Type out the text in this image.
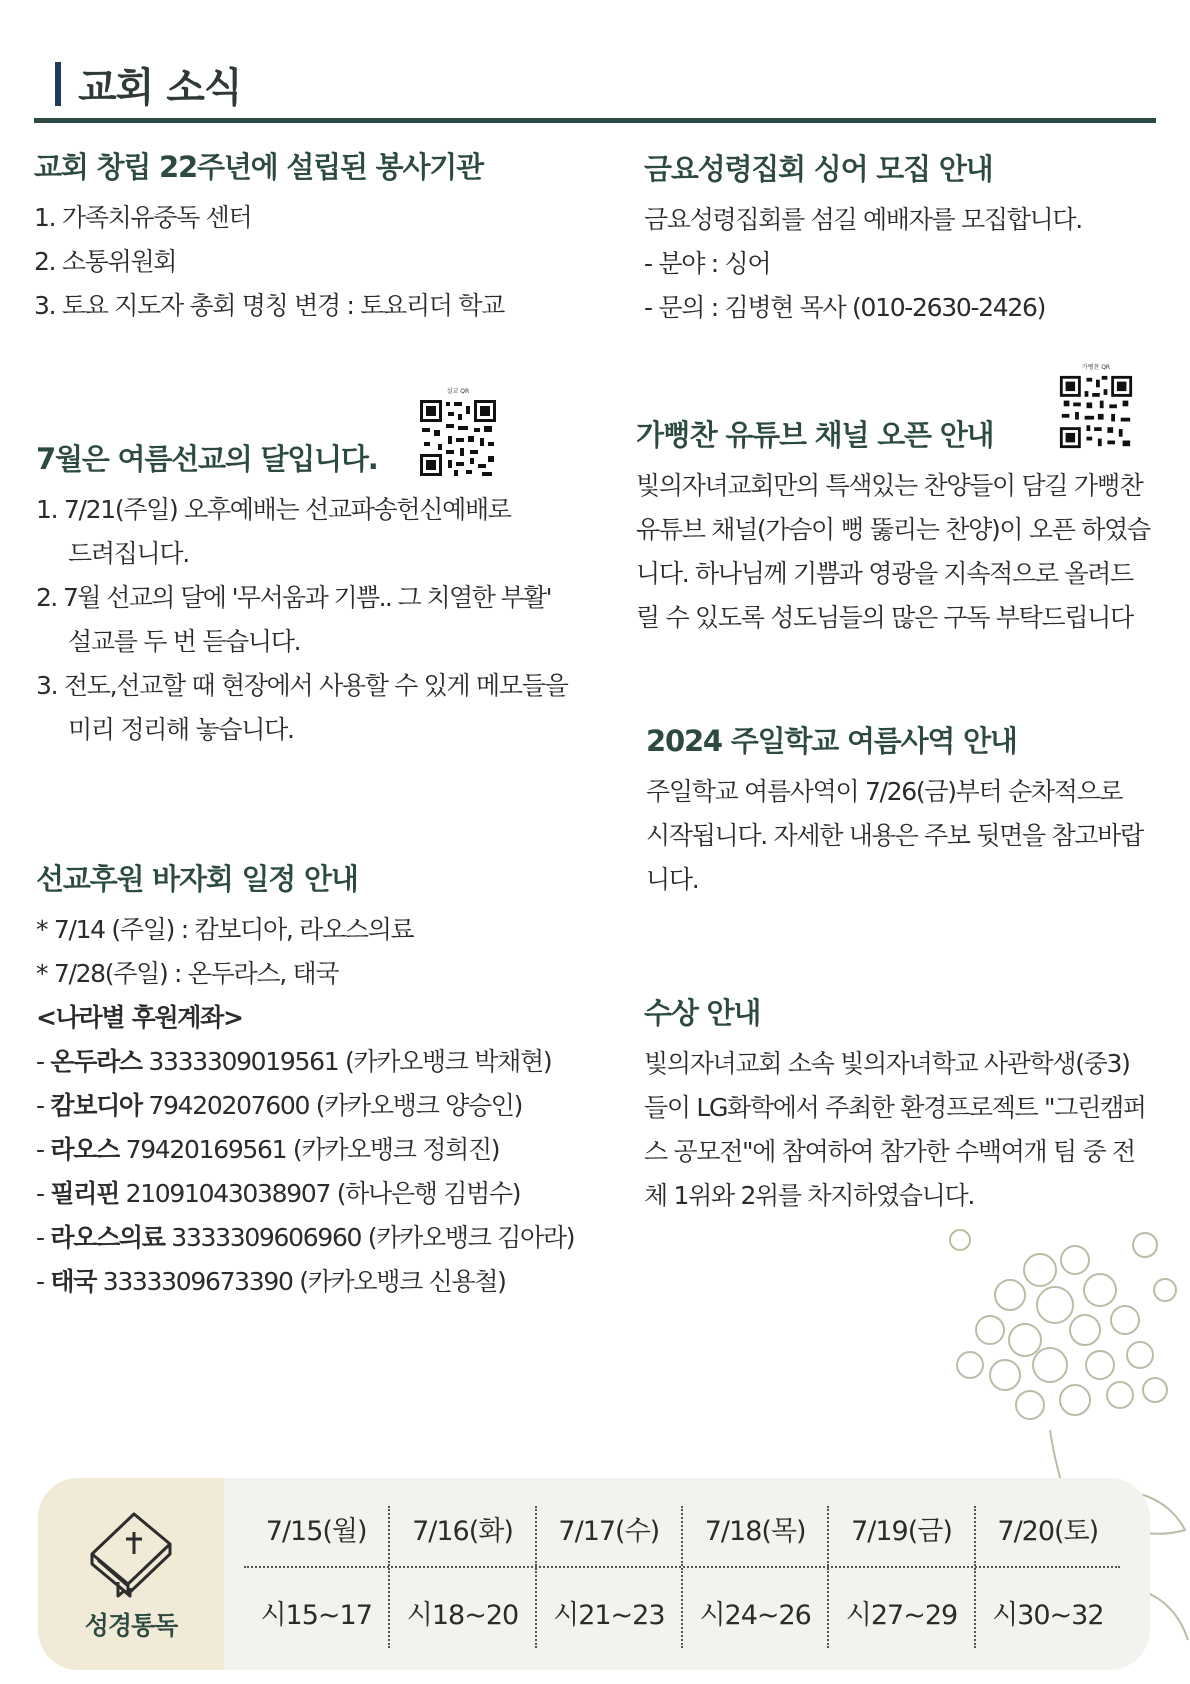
교회 소식
교회 창립 22주년에 설립된 봉사기관
1. 가족치유중독 센터
2. 소통위원회
3. 토요 지도자 총회 명칭 변경 : 토요리더 학교
금요성령집회 싱어 모집 안내
금요성령집회를 섬길 예배자를 모집합니다.
- 분야 : 싱어
- 문의 : 김병현 목사 (010-2630-2426)
7월은 여름선교의 달입니다.
1. 7/21(주일) 오후예배는 선교파송헌신예배로
드려집니다.
2. 7월 선교의 달에 '무서움과 기쁨.. 그 치열한 부활'
설교를 두 번 듣습니다.
3. 전도,선교할 때 현장에서 사용할 수 있게 메모들을
미리 정리해 놓습니다.
설교 QR
가뻥찬 유튜브 채널 오픈 안내
빛의자녀교회만의 특색있는 찬양들이 담길 가뻥찬
유튜브 채널(가슴이 뻥 뚫리는 찬양)이 오픈 하였습
니다. 하나님께 기쁨과 영광을 지속적으로 올려드
릴 수 있도록 성도님들의 많은 구독 부탁드립니다
가뻥찬 QR
2024 주일학교 여름사역 안내
주일학교 여름사역이 7/26(금)부터 순차적으로
시작됩니다. 자세한 내용은 주보 뒷면을 참고바랍
니다.
선교후원 바자회 일정 안내
* 7/14 (주일) : 캄보디아, 라오스의료
* 7/28(주일) : 온두라스, 태국
<나라별 후원계좌>
- 온두라스 3333309019561 (카카오뱅크 박채현)
- 캄보디아 79420207600 (카카오뱅크 양승인)
- 라오스 79420169561 (카카오뱅크 정희진)
- 필리핀 21091043038907 (하나은행 김범수)
- 라오스의료 3333309606960 (카카오뱅크 김아라)
- 태국 3333309673390 (카카오뱅크 신용철)
수상 안내
빛의자녀교회 소속 빛의자녀학교 사관학생(중3)
들이 LG화학에서 주최한 환경프로젝트 "그린캠퍼
스 공모전"에 참여하여 참가한 수백여개 팀 중 전
체 1위와 2위를 차지하였습니다.
성경통독
7/15(월)	7/16(화)	7/17(수)	7/18(목)	7/19(금)	7/20(토)
시15~17	시18~20	시21~23	시24~26	시27~29	시30~32
